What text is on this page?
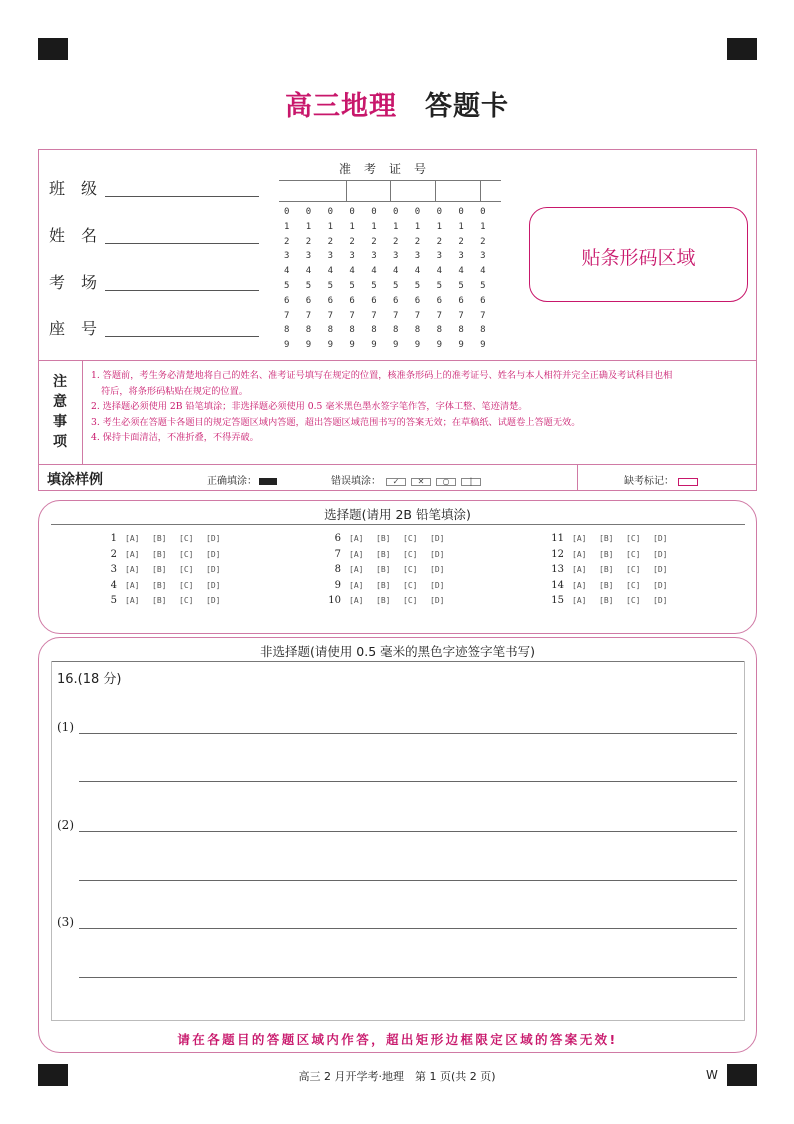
高三地理 答题卡
班级
姓名
考场
座号
准考证号
0 0 0 0 0 0 0 0 0 0
1 1 1 1 1 1 1 1 1 1
2 2 2 2 2 2 2 2 2 2
3 3 3 3 3 3 3 3 3 3
4 4 4 4 4 4 4 4 4 4
5 5 5 5 5 5 5 5 5 5
6 6 6 6 6 6 6 6 6 6
7 7 7 7 7 7 7 7 7 7
8 8 8 8 8 8 8 8 8 8
9 9 9 9 9 9 9 9 9 9
贴条形码区域
注意事项
1. 答题前，考生务必清楚地将自己的姓名、准考证号填写在规定的位置，核准条形码上的准考证号、姓名与本人相符并完全正确及考试科目也相
符后，将条形码粘贴在规定的位置。
2. 选择题必须使用 2B 铅笔填涂；非选择题必须使用 0.5 毫米黑色墨水签字笔作答，字体工整、笔迹清楚。
3. 考生必须在答题卡各题目的规定答题区域内答题，超出答题区域范围书写的答案无效；在草稿纸、试题卷上答题无效。
4. 保持卡面清洁，不准折叠，不得弄破。
填涂样例	正确填涂：	错误填涂： ✓ ✕ ○	|	缺考标记：
选择题(请用 2B 铅笔填涂)
1 [A] [B] [C] [D]
2 [A] [B] [C] [D]
3 [A] [B] [C] [D]
4 [A] [B] [C] [D]
5 [A] [B] [C] [D]
6 [A] [B] [C] [D]
7 [A] [B] [C] [D]
8 [A] [B] [C] [D]
9 [A] [B] [C] [D]
10 [A] [B] [C] [D]
11 [A] [B] [C] [D]
12 [A] [B] [C] [D]
13 [A] [B] [C] [D]
14 [A] [B] [C] [D]
15 [A] [B] [C] [D]
非选择题(请使用 0.5 毫米的黑色字迹签字笔书写)
16.(18 分)
(1)
(2)
(3)
请在各题目的答题区域内作答，超出矩形边框限定区域的答案无效!
高三 2 月开学考·地理　第 1 页(共 2 页)	W
